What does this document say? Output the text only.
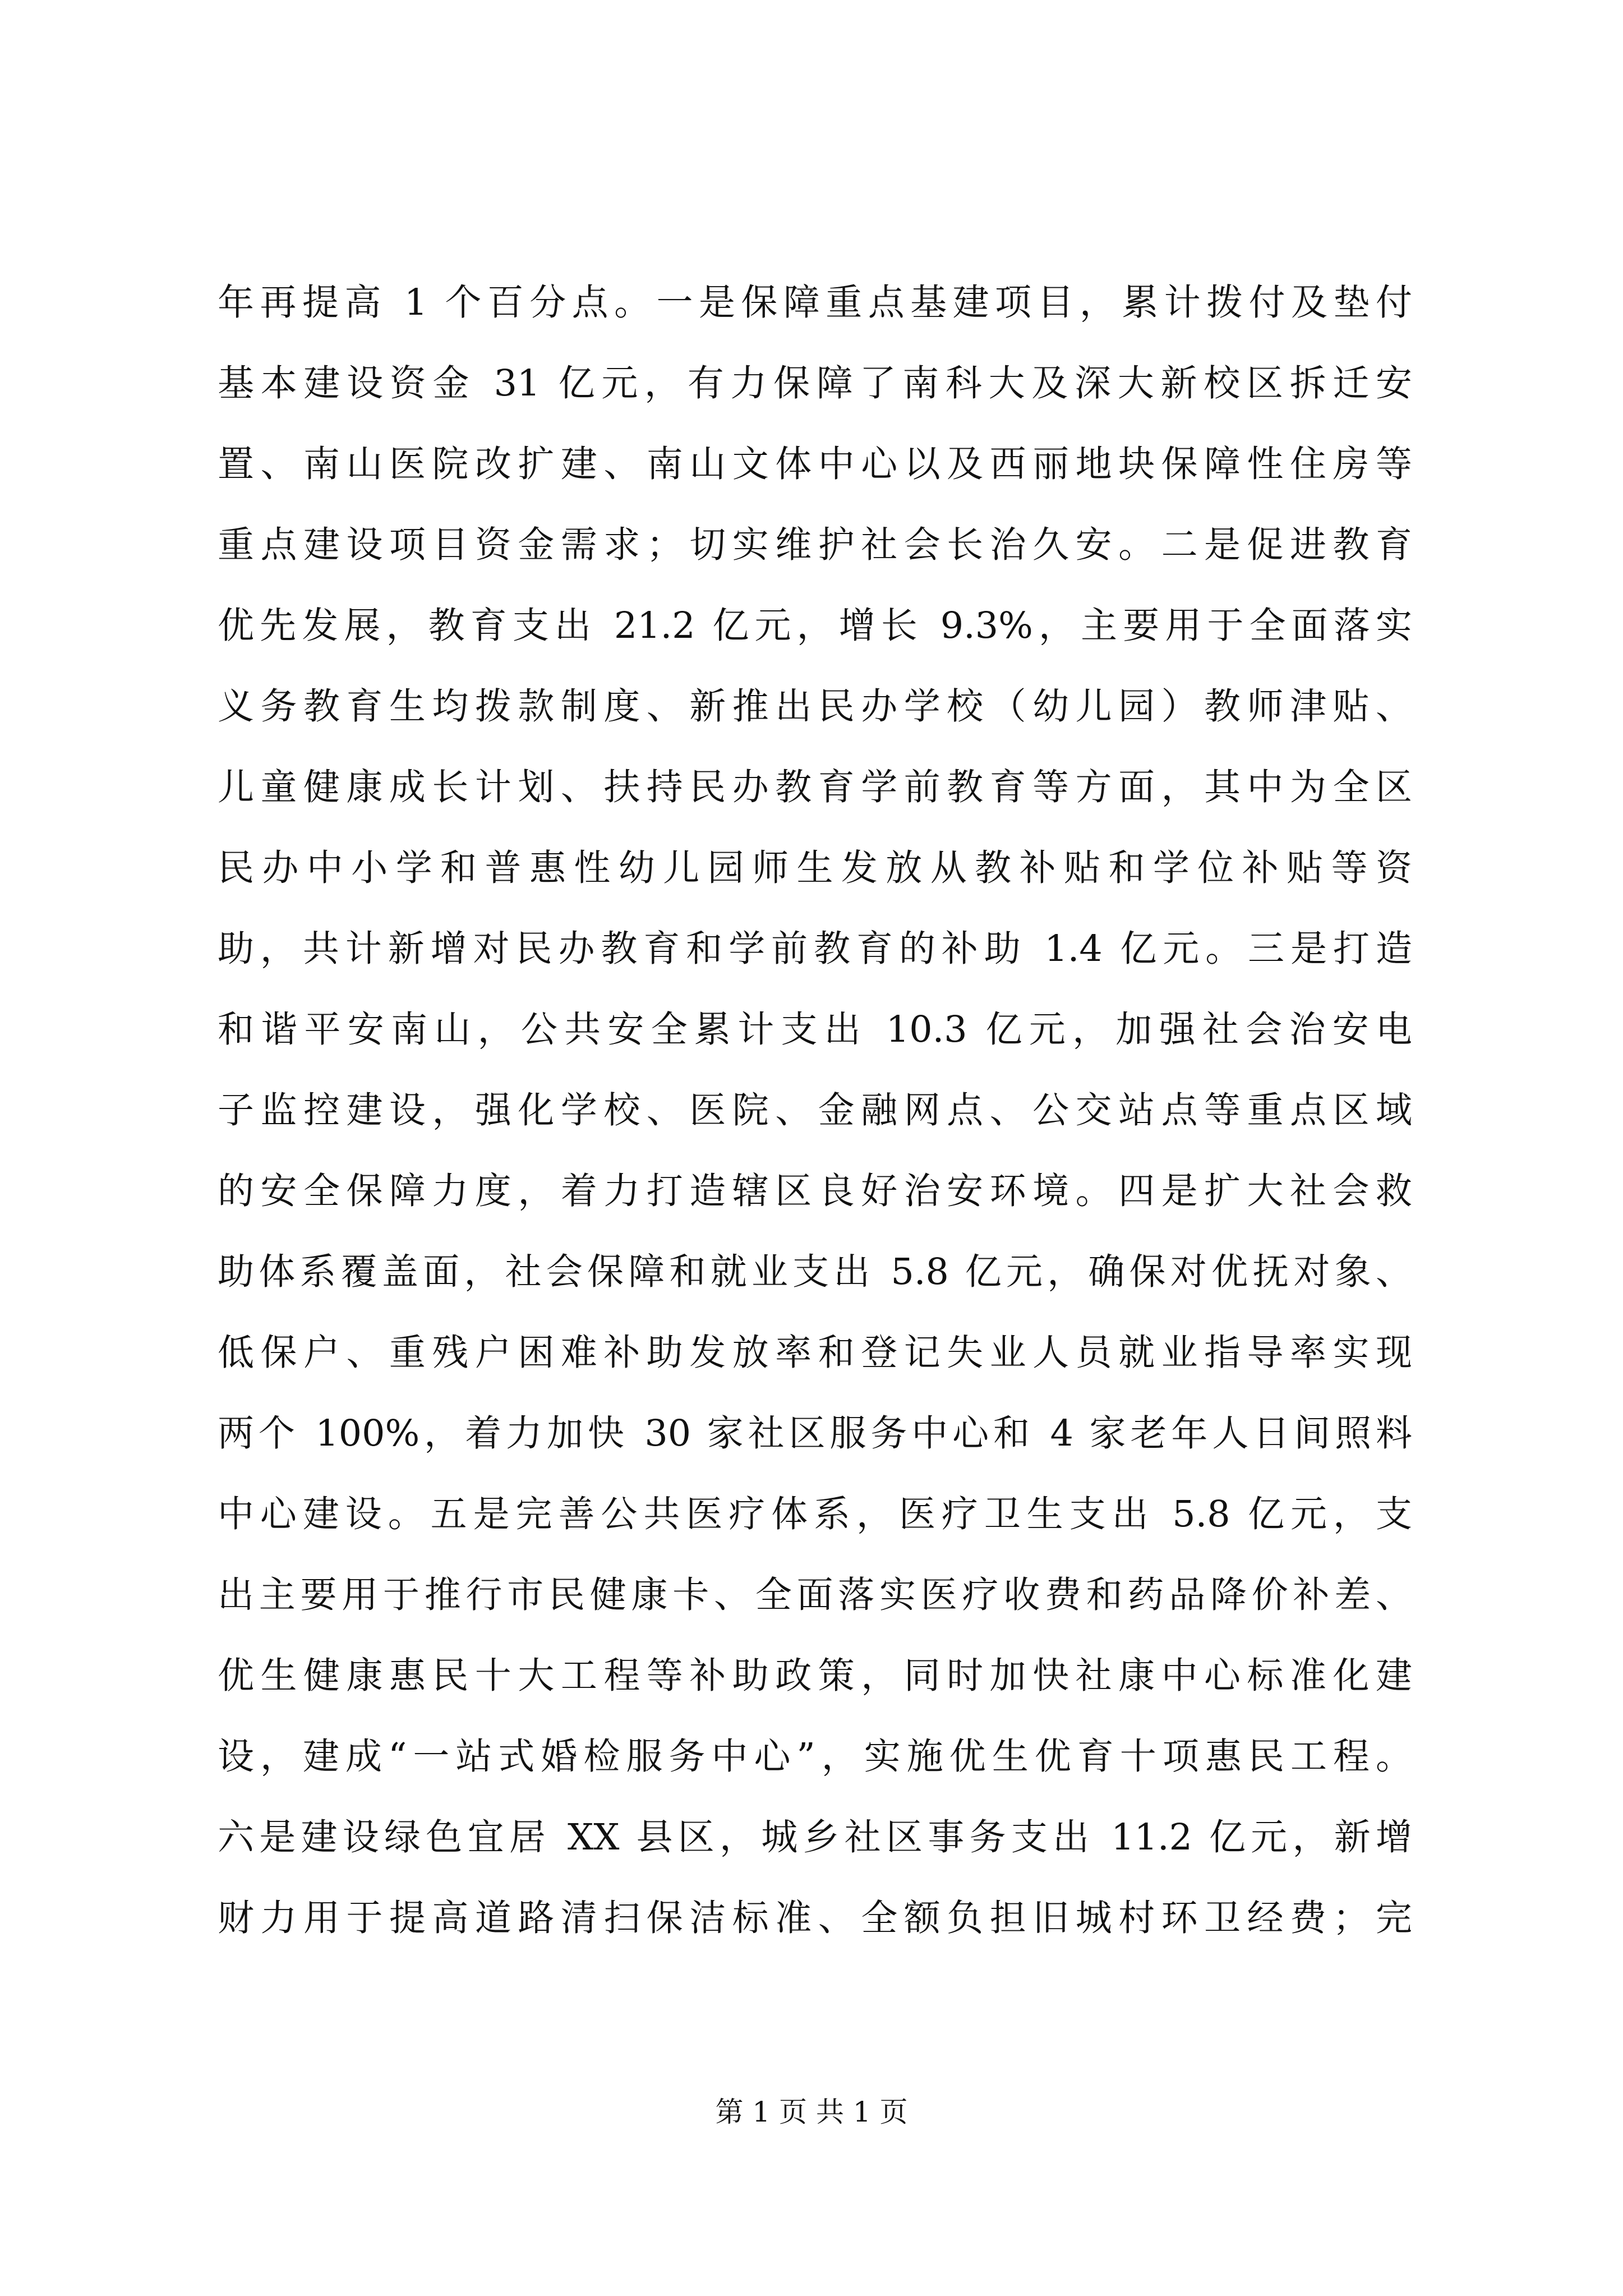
年再提高 1 个百分点。一是保障重点基建项目，累计拨付及垫付
基本建设资金 31 亿元，有力保障了南科大及深大新校区拆迁安
置、南山医院改扩建、南山文体中心以及西丽地块保障性住房等
重点建设项目资金需求；切实维护社会长治久安。二是促进教育
优先发展，教育支出 21.2 亿元，增长 9.3%，主要用于全面落实
义务教育生均拨款制度、新推出民办学校（幼儿园）教师津贴、
儿童健康成长计划、扶持民办教育学前教育等方面，其中为全区
民办中小学和普惠性幼儿园师生发放从教补贴和学位补贴等资
助，共计新增对民办教育和学前教育的补助 1.4 亿元。三是打造
和谐平安南山，公共安全累计支出 10.3 亿元，加强社会治安电
子监控建设，强化学校、医院、金融网点、公交站点等重点区域
的安全保障力度，着力打造辖区良好治安环境。四是扩大社会救
助体系覆盖面，社会保障和就业支出 5.8 亿元，确保对优抚对象、
低保户、重残户困难补助发放率和登记失业人员就业指导率实现
两个 100%，着力加快 30 家社区服务中心和 4 家老年人日间照料
中心建设。五是完善公共医疗体系，医疗卫生支出 5.8 亿元，支
出主要用于推行市民健康卡、全面落实医疗收费和药品降价补差、
优生健康惠民十大工程等补助政策，同时加快社康中心标准化建
设，建成“一站式婚检服务中心”，实施优生优育十项惠民工程。
六是建设绿色宜居 XX 县区，城乡社区事务支出 11.2 亿元，新增
财力用于提高道路清扫保洁标准、全额负担旧城村环卫经费；完
第 1 页 共 1 页
